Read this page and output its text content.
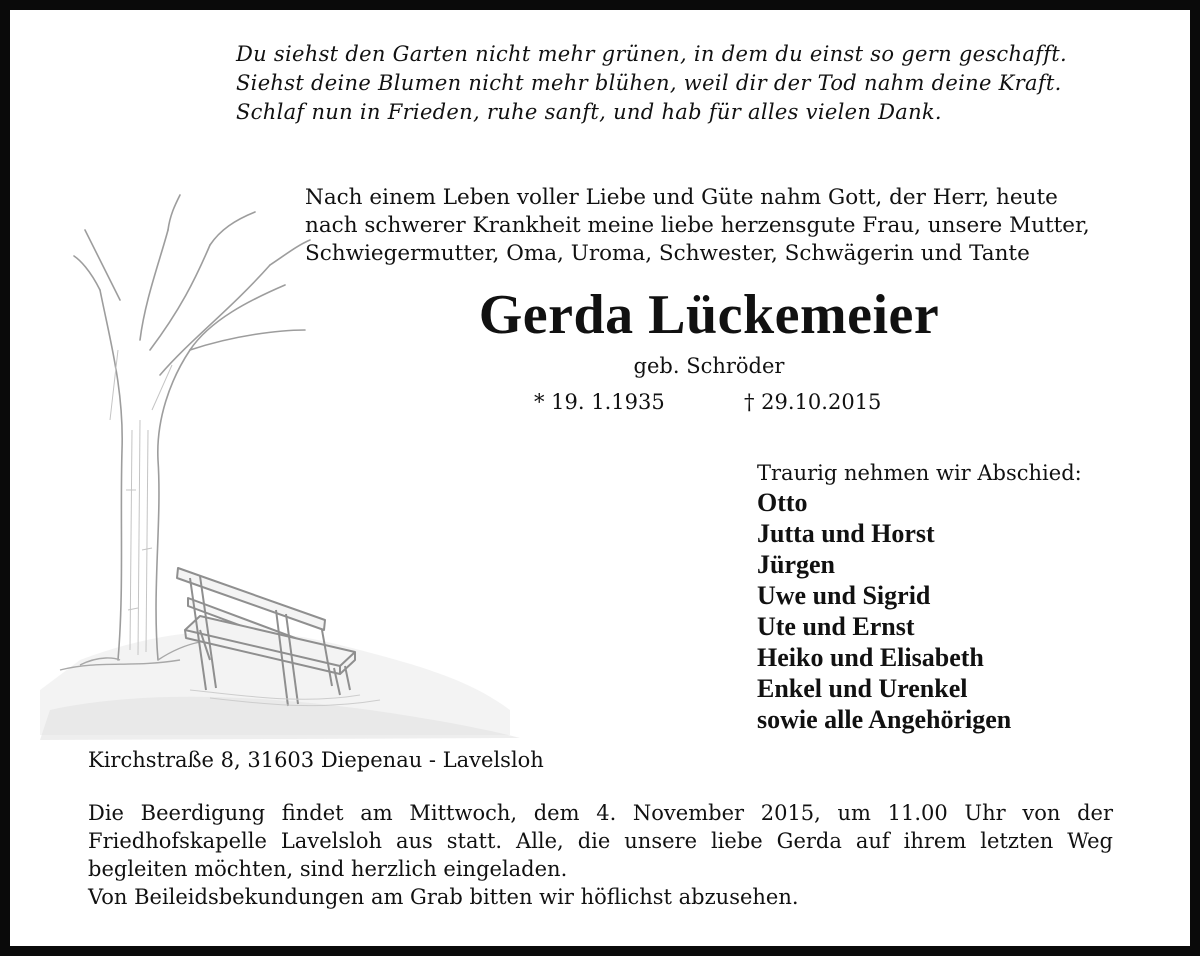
Du siehst den Garten nicht mehr grünen, in dem du einst so gern geschafft.
Siehst deine Blumen nicht mehr blühen, weil dir der Tod nahm deine Kraft.
Schlaf nun in Frieden, ruhe sanft, und hab für alles vielen Dank.

Nach einem Leben voller Liebe und Güte nahm Gott, der Herr, heute
nach schwerer Krankheit meine liebe herzensgute Frau, unsere Mutter,
Schwiegermutter, Oma, Uroma, Schwester, Schwägerin und Tante

Gerda Lückemeier
geb. Schröder
* 19. 1.1935	† 29.10.2015
Traurig nehmen wir Abschied:
Otto
Jutta und Horst
Jürgen
Uwe und Sigrid
Ute und Ernst
Heiko und Elisabeth
Enkel und Urenkel
sowie alle Angehörigen
Kirchstraße 8, 31603 Diepenau - Lavelsloh

Die Beerdigung findet am Mittwoch, dem 4. November 2015, um 11.00 Uhr von der Friedhofskapelle Lavelsloh aus statt. Alle, die unsere liebe Gerda auf ihrem letzten Weg begleiten möchten, sind herzlich eingeladen.
Von Beileidsbekundungen am Grab bitten wir höflichst abzusehen.
